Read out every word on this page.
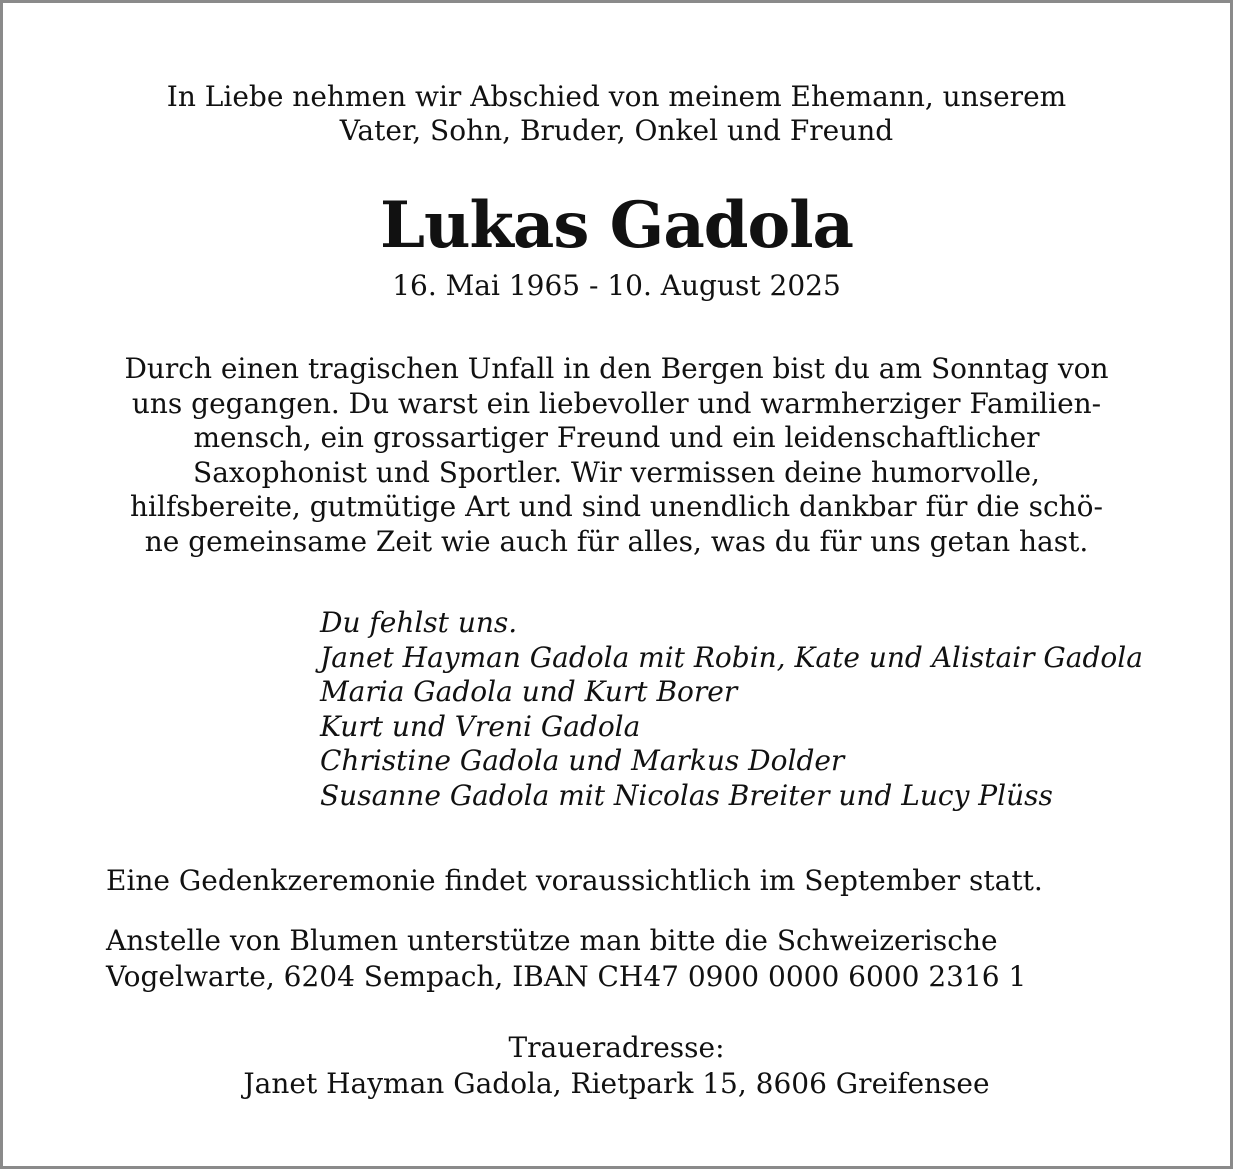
In Liebe nehmen wir Abschied von meinem Ehemann, unserem
Vater, Sohn, Bruder, Onkel und Freund
Lukas Gadola
16. Mai 1965 - 10. August 2025
Durch einen tragischen Unfall in den Bergen bist du am Sonntag von
uns gegangen. Du warst ein liebevoller und warmherziger Familien-
mensch, ein grossartiger Freund und ein leidenschaftlicher
Saxophonist und Sportler. Wir vermissen deine humorvolle,
hilfsbereite, gutmütige Art und sind unendlich dankbar für die schö-
ne gemeinsame Zeit wie auch für alles, was du für uns getan hast.
Du fehlst uns.
Janet Hayman Gadola mit Robin, Kate und Alistair Gadola
Maria Gadola und Kurt Borer
Kurt und Vreni Gadola
Christine Gadola und Markus Dolder
Susanne Gadola mit Nicolas Breiter und Lucy Plüss
Eine Gedenkzeremonie findet voraussichtlich im September statt.
Anstelle von Blumen unterstütze man bitte die Schweizerische
Vogelwarte, 6204 Sempach, IBAN CH47 0900 0000 6000 2316 1
Traueradresse:
Janet Hayman Gadola, Rietpark 15, 8606 Greifensee
